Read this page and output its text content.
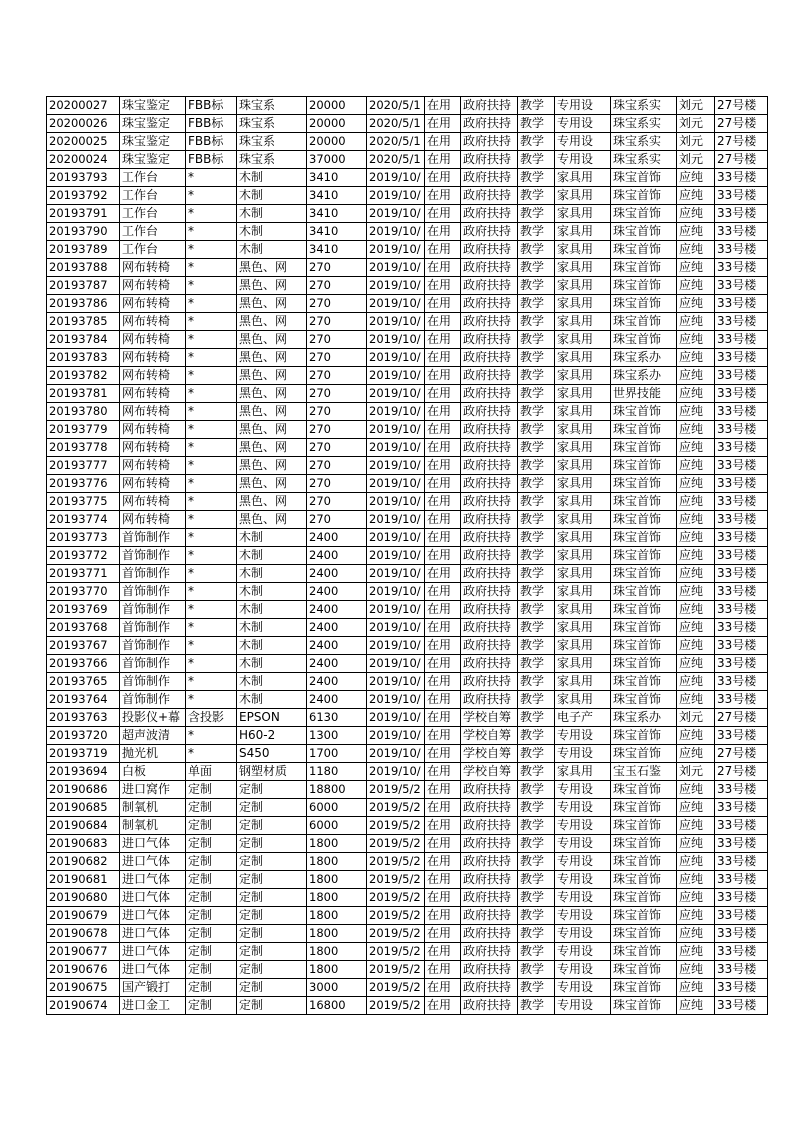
20200027	珠宝鉴定	FBB标	珠宝系	20000	2020/5/1	在用	政府扶持	教学	专用设	珠宝系实	刘元	27号楼
20200026	珠宝鉴定	FBB标	珠宝系	20000	2020/5/1	在用	政府扶持	教学	专用设	珠宝系实	刘元	27号楼
20200025	珠宝鉴定	FBB标	珠宝系	20000	2020/5/1	在用	政府扶持	教学	专用设	珠宝系实	刘元	27号楼
20200024	珠宝鉴定	FBB标	珠宝系	37000	2020/5/1	在用	政府扶持	教学	专用设	珠宝系实	刘元	27号楼
20193793	工作台	*	木制	3410	2019/10/	在用	政府扶持	教学	家具用	珠宝首饰	应纯	33号楼
20193792	工作台	*	木制	3410	2019/10/	在用	政府扶持	教学	家具用	珠宝首饰	应纯	33号楼
20193791	工作台	*	木制	3410	2019/10/	在用	政府扶持	教学	家具用	珠宝首饰	应纯	33号楼
20193790	工作台	*	木制	3410	2019/10/	在用	政府扶持	教学	家具用	珠宝首饰	应纯	33号楼
20193789	工作台	*	木制	3410	2019/10/	在用	政府扶持	教学	家具用	珠宝首饰	应纯	33号楼
20193788	网布转椅	*	黑色、网	270	2019/10/	在用	政府扶持	教学	家具用	珠宝首饰	应纯	33号楼
20193787	网布转椅	*	黑色、网	270	2019/10/	在用	政府扶持	教学	家具用	珠宝首饰	应纯	33号楼
20193786	网布转椅	*	黑色、网	270	2019/10/	在用	政府扶持	教学	家具用	珠宝首饰	应纯	33号楼
20193785	网布转椅	*	黑色、网	270	2019/10/	在用	政府扶持	教学	家具用	珠宝首饰	应纯	33号楼
20193784	网布转椅	*	黑色、网	270	2019/10/	在用	政府扶持	教学	家具用	珠宝首饰	应纯	33号楼
20193783	网布转椅	*	黑色、网	270	2019/10/	在用	政府扶持	教学	家具用	珠宝系办	应纯	33号楼
20193782	网布转椅	*	黑色、网	270	2019/10/	在用	政府扶持	教学	家具用	珠宝系办	应纯	33号楼
20193781	网布转椅	*	黑色、网	270	2019/10/	在用	政府扶持	教学	家具用	世界技能	应纯	33号楼
20193780	网布转椅	*	黑色、网	270	2019/10/	在用	政府扶持	教学	家具用	珠宝首饰	应纯	33号楼
20193779	网布转椅	*	黑色、网	270	2019/10/	在用	政府扶持	教学	家具用	珠宝首饰	应纯	33号楼
20193778	网布转椅	*	黑色、网	270	2019/10/	在用	政府扶持	教学	家具用	珠宝首饰	应纯	33号楼
20193777	网布转椅	*	黑色、网	270	2019/10/	在用	政府扶持	教学	家具用	珠宝首饰	应纯	33号楼
20193776	网布转椅	*	黑色、网	270	2019/10/	在用	政府扶持	教学	家具用	珠宝首饰	应纯	33号楼
20193775	网布转椅	*	黑色、网	270	2019/10/	在用	政府扶持	教学	家具用	珠宝首饰	应纯	33号楼
20193774	网布转椅	*	黑色、网	270	2019/10/	在用	政府扶持	教学	家具用	珠宝首饰	应纯	33号楼
20193773	首饰制作	*	木制	2400	2019/10/	在用	政府扶持	教学	家具用	珠宝首饰	应纯	33号楼
20193772	首饰制作	*	木制	2400	2019/10/	在用	政府扶持	教学	家具用	珠宝首饰	应纯	33号楼
20193771	首饰制作	*	木制	2400	2019/10/	在用	政府扶持	教学	家具用	珠宝首饰	应纯	33号楼
20193770	首饰制作	*	木制	2400	2019/10/	在用	政府扶持	教学	家具用	珠宝首饰	应纯	33号楼
20193769	首饰制作	*	木制	2400	2019/10/	在用	政府扶持	教学	家具用	珠宝首饰	应纯	33号楼
20193768	首饰制作	*	木制	2400	2019/10/	在用	政府扶持	教学	家具用	珠宝首饰	应纯	33号楼
20193767	首饰制作	*	木制	2400	2019/10/	在用	政府扶持	教学	家具用	珠宝首饰	应纯	33号楼
20193766	首饰制作	*	木制	2400	2019/10/	在用	政府扶持	教学	家具用	珠宝首饰	应纯	33号楼
20193765	首饰制作	*	木制	2400	2019/10/	在用	政府扶持	教学	家具用	珠宝首饰	应纯	33号楼
20193764	首饰制作	*	木制	2400	2019/10/	在用	政府扶持	教学	家具用	珠宝首饰	应纯	33号楼
20193763	投影仪+幕	含投影	EPSON	6130	2019/10/	在用	学校自筹	教学	电子产	珠宝系办	刘元	27号楼
20193720	超声波清	*	H60-2	1300	2019/10/	在用	学校自筹	教学	专用设	珠宝首饰	应纯	33号楼
20193719	抛光机	*	S450	1700	2019/10/	在用	学校自筹	教学	专用设	珠宝首饰	应纯	27号楼
20193694	白板	单面	钢塑材质	1180	2019/10/	在用	学校自筹	教学	家具用	宝玉石鉴	刘元	27号楼
20190686	进口窝作	定制	定制	18800	2019/5/2	在用	政府扶持	教学	专用设	珠宝首饰	应纯	33号楼
20190685	制氧机	定制	定制	6000	2019/5/2	在用	政府扶持	教学	专用设	珠宝首饰	应纯	33号楼
20190684	制氧机	定制	定制	6000	2019/5/2	在用	政府扶持	教学	专用设	珠宝首饰	应纯	33号楼
20190683	进口气体	定制	定制	1800	2019/5/2	在用	政府扶持	教学	专用设	珠宝首饰	应纯	33号楼
20190682	进口气体	定制	定制	1800	2019/5/2	在用	政府扶持	教学	专用设	珠宝首饰	应纯	33号楼
20190681	进口气体	定制	定制	1800	2019/5/2	在用	政府扶持	教学	专用设	珠宝首饰	应纯	33号楼
20190680	进口气体	定制	定制	1800	2019/5/2	在用	政府扶持	教学	专用设	珠宝首饰	应纯	33号楼
20190679	进口气体	定制	定制	1800	2019/5/2	在用	政府扶持	教学	专用设	珠宝首饰	应纯	33号楼
20190678	进口气体	定制	定制	1800	2019/5/2	在用	政府扶持	教学	专用设	珠宝首饰	应纯	33号楼
20190677	进口气体	定制	定制	1800	2019/5/2	在用	政府扶持	教学	专用设	珠宝首饰	应纯	33号楼
20190676	进口气体	定制	定制	1800	2019/5/2	在用	政府扶持	教学	专用设	珠宝首饰	应纯	33号楼
20190675	国产锻打	定制	定制	3000	2019/5/2	在用	政府扶持	教学	专用设	珠宝首饰	应纯	33号楼
20190674	进口金工	定制	定制	16800	2019/5/2	在用	政府扶持	教学	专用设	珠宝首饰	应纯	33号楼
